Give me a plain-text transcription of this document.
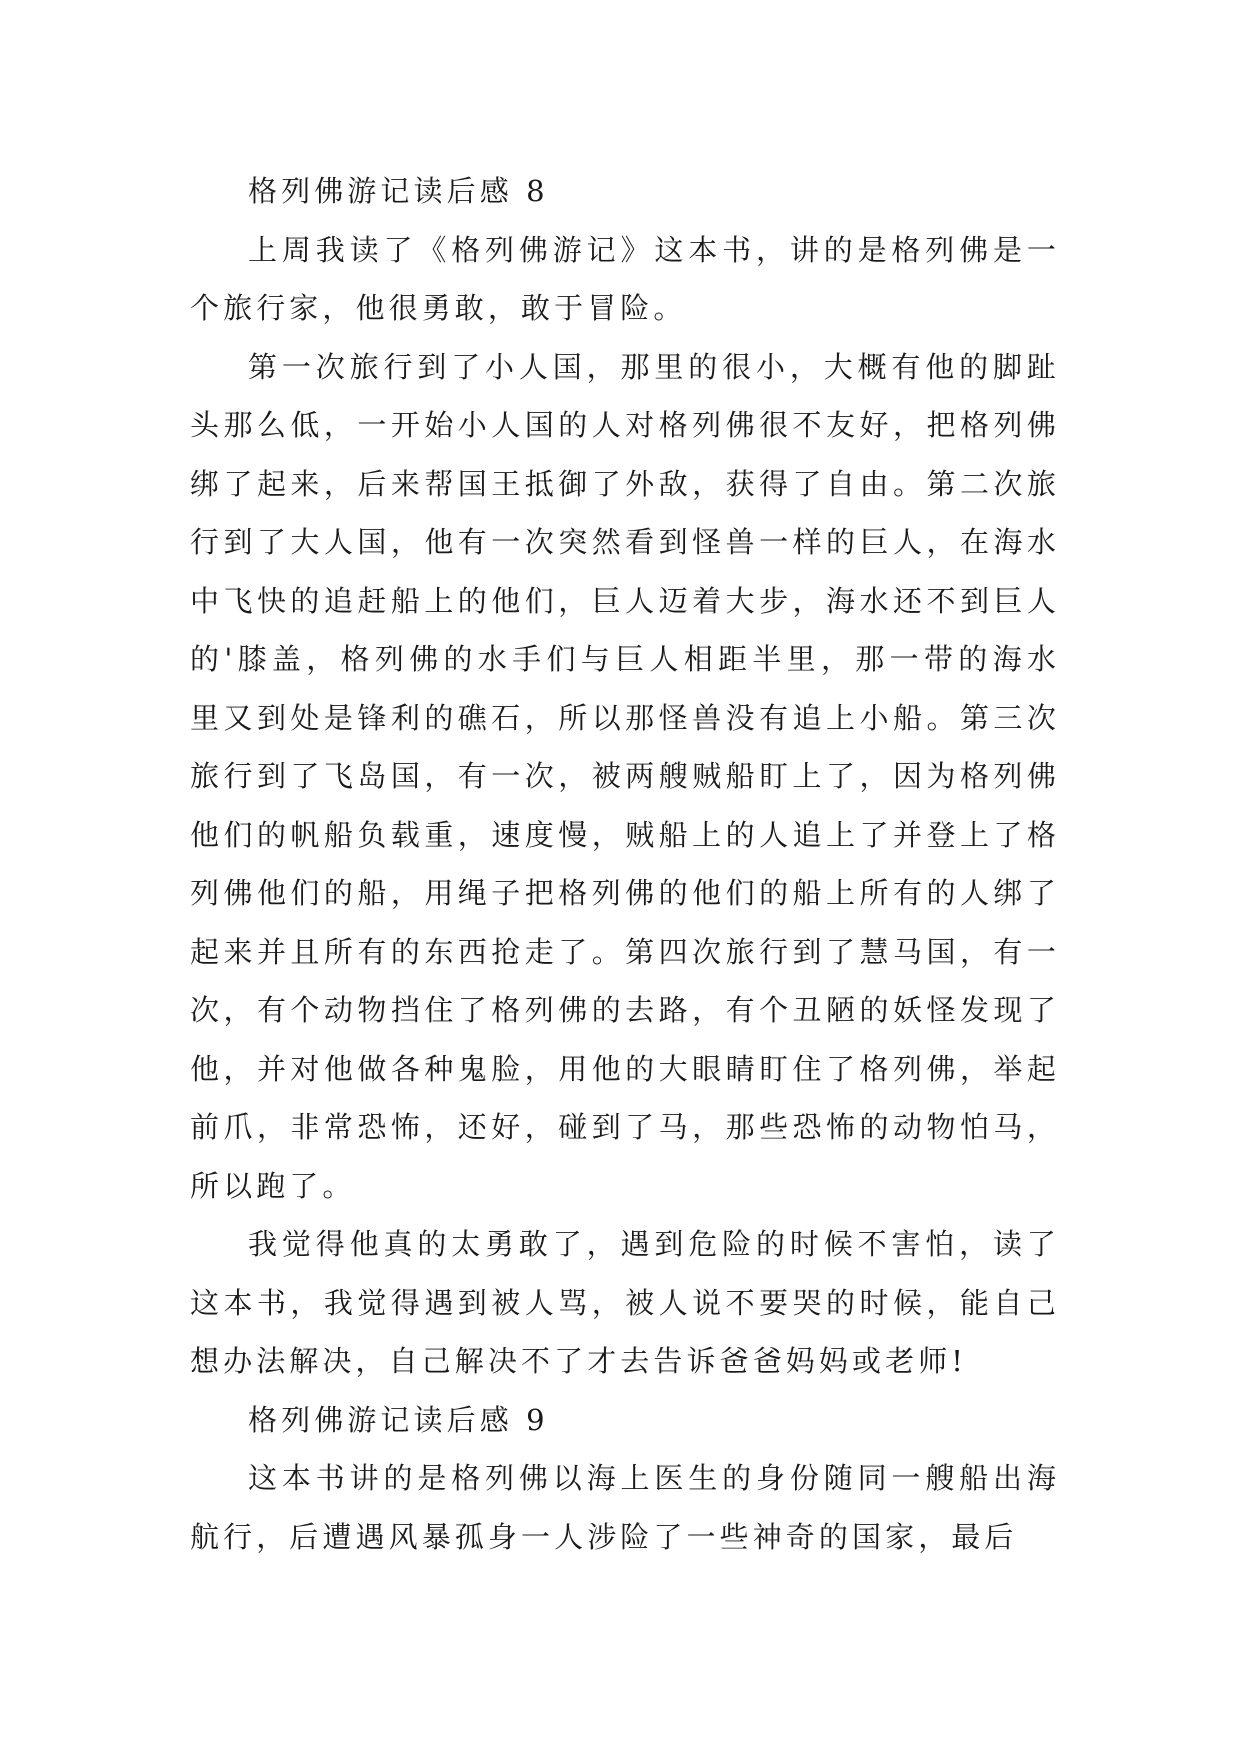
格列佛游记读后感 8

上周我读了《格列佛游记》这本书，讲的是格列佛是一个旅行家，他很勇敢，敢于冒险。

第一次旅行到了小人国，那里的很小，大概有他的脚趾头那么低，一开始小人国的人对格列佛很不友好，把格列佛绑了起来，后来帮国王抵御了外敌，获得了自由。第二次旅行到了大人国，他有一次突然看到怪兽一样的巨人，在海水中飞快的追赶船上的他们，巨人迈着大步，海水还不到巨人的'膝盖，格列佛的水手们与巨人相距半里，那一带的海水里又到处是锋利的礁石，所以那怪兽没有追上小船。第三次旅行到了飞岛国，有一次，被两艘贼船盯上了，因为格列佛他们的帆船负载重，速度慢，贼船上的人追上了并登上了格列佛他们的船，用绳子把格列佛的他们的船上所有的人绑了起来并且所有的东西抢走了。第四次旅行到了慧马国，有一次，有个动物挡住了格列佛的去路，有个丑陋的妖怪发现了他，并对他做各种鬼脸，用他的大眼睛盯住了格列佛，举起前爪，非常恐怖，还好，碰到了马，那些恐怖的动物怕马，所以跑了。

我觉得他真的太勇敢了，遇到危险的时候不害怕，读了这本书，我觉得遇到被人骂，被人说不要哭的时候，能自己想办法解决，自己解决不了才去告诉爸爸妈妈或老师!

格列佛游记读后感 9

这本书讲的是格列佛以海上医生的身份随同一艘船出海航行，后遭遇风暴孤身一人涉险了一些神奇的国家，最后
